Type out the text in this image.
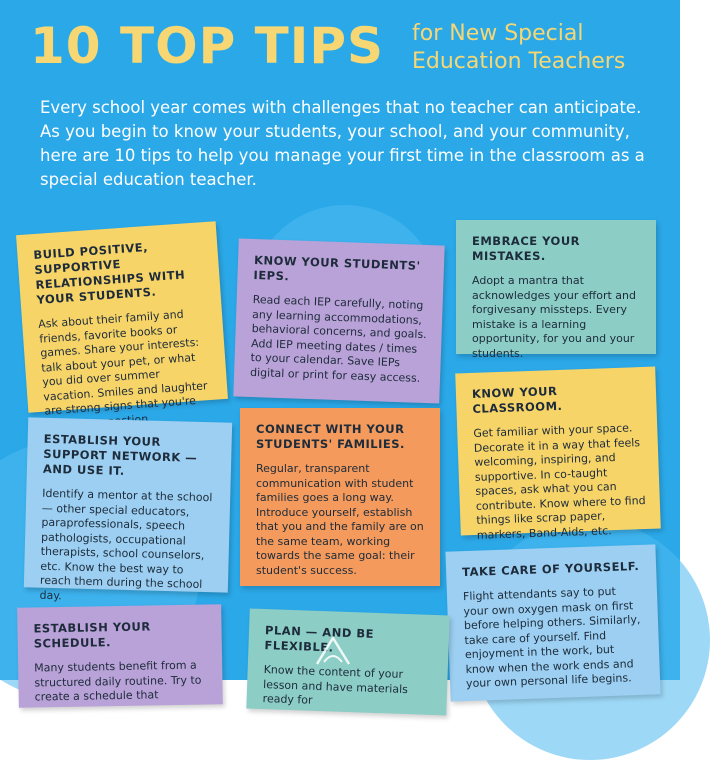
10 TOP TIPS for New Special Education Teachers
Every school year comes with challenges that no teacher can anticipate. As you begin to know your students, your school, and your community, here are 10 tips to help you manage your first time in the classroom as a special education teacher.
BUILD POSITIVE, SUPPORTIVE RELATIONSHIPS WITH YOUR STUDENTS.

Ask about their family and friends, favorite books or games. Share your interests: talk about your pet, or what you did over summer vacation. Smiles and laughter are strong signs that you're

KNOW YOUR STUDENTS' IEPS.

Read each IEP carefully, noting any learning accommodations, behavioral concerns, and goals. Add IEP meeting dates / times to your calendar. Save IEPs digital or print for easy access.

EMBRACE YOUR MISTAKES.

Adopt a mantra that acknowledges your effort and forgivesany missteps. Every mistake is a learning opportunity, for you and your students.

KNOW YOUR CLASSROOM.

Get familiar with your space. Decorate it in a way that feels welcoming, inspiring, and supportive. In co-taught spaces, ask what you can contribute. Know where to find things like scrap paper, markers, Band-Aids, etc.

ESTABLISH YOUR SUPPORT NETWORK — AND USE IT.

Identify a mentor at the school— other special educators, paraprofessionals, speech pathologists, occupational therapists, school counselors, etc. Know the best way to reach them during the school day.

CONNECT WITH YOUR STUDENTS' FAMILIES.

Regular, transparent communication with student families goes a long way. Introduce yourself, establish that you and the family are on the same team, working towards the same goal: their student's success.	TAKE CARE OF YOURSELF.

Flight attendants say to put your own oxygen mask on first before helping others. Similarly, take care of yourself. Find enjoyment in the work, but know when the work ends and your own personal life begins.

ESTABLISH YOUR SCHEDULE.

Many students benefit from a structured daily routine. Try to create a schedule that

PLAN — AND BE FLEXIBLE.

Know the content of your lesson and have materials ready for
